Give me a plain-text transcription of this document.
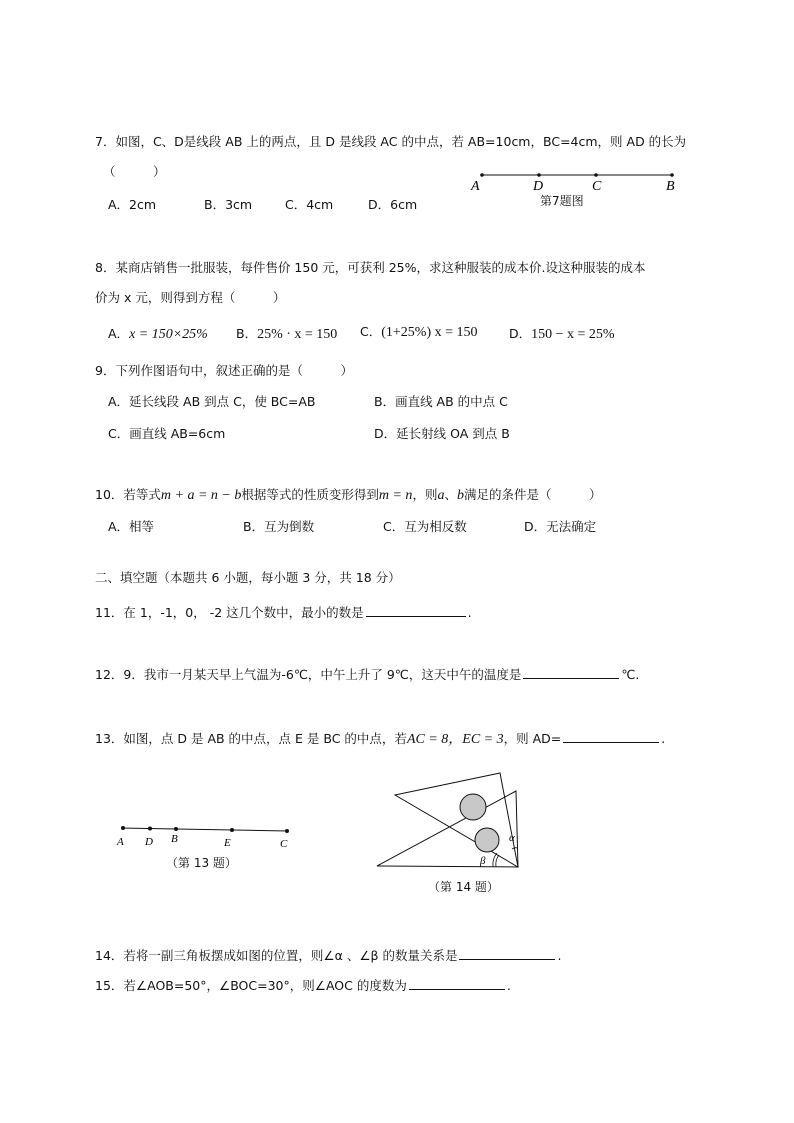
7．如图，C、D是线段 AB 上的两点，且 D 是线段 AC 的中点，若 AB=10cm，BC=4cm，则 AD 的长为
（　　　）
A．2cm	B．3cm	C．4cm	D．6cm
A	D	C	B
第7题图
8．某商店销售一批服装，每件售价 150 元，可获利 25%，求这种服装的成本价.设这种服装的成本
价为 x 元，则得到方程（　　　）
A．x = 150×25% B．25% · x = 150 C．(1+25%) x = 150	D．150 − x = 25%
9．下列作图语句中，叙述正确的是（　　　）
A．延长线段 AB 到点 C，使 BC=AB	B．画直线 AB 的中点 C
C．画直线 AB=6cm	D．延长射线 OA 到点 B
10．若等式m + a = n − b根据等式的性质变形得到m = n，则a、b满足的条件是（　　　）
A．相等	B．互为倒数	C．互为相反数	D．无法确定
二、填空题（本题共 6 小题，每小题 3 分，共 18 分）
11．在 1，-1，0， -2 这几个数中，最小的数是	.
12．9．我市一月某天早上气温为-6℃，中午上升了 9℃，这天中午的温度是	℃.
13．如图，点 D 是 AB 的中点，点 E 是 BC 的中点，若AC = 8，EC = 3，则 AD=	.
A D B	E	C
（第 13 题）
α
β
（第 14 题）
14．若将一副三角板摆成如图的位置，则∠α 、∠β 的数量关系是	.
15．若∠AOB=50°，∠BOC=30°，则∠AOC 的度数为	.
